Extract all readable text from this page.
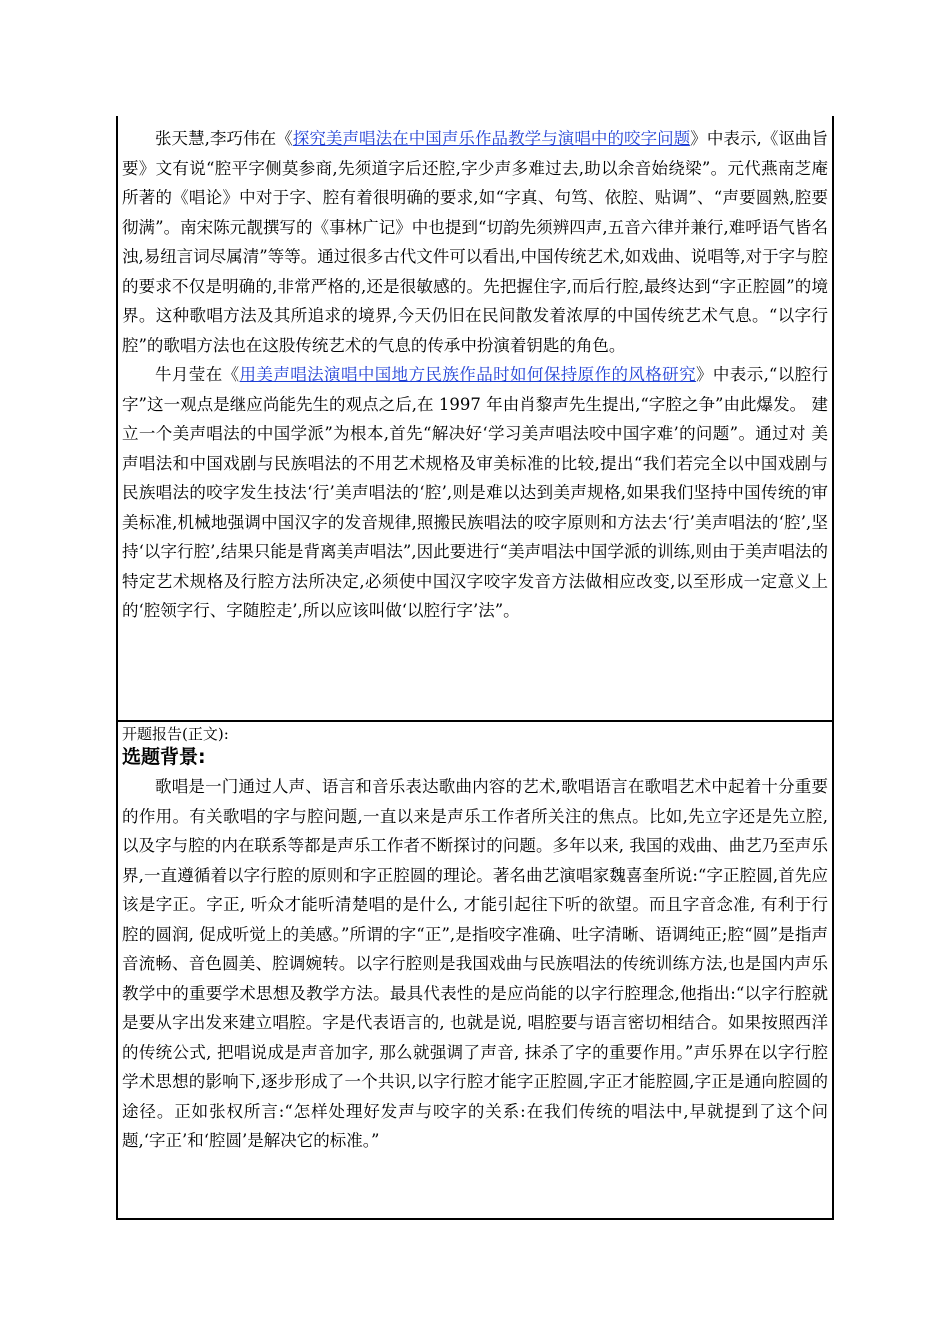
张天慧,李巧伟在《探究美声唱法在中国声乐作品教学与演唱中的咬字问题》中表示,《讴曲旨要》文有说“腔平字侧莫参商,先须道字后还腔,字少声多难过去,助以余音始绕梁”。元代燕南芝庵所著的《唱论》中对于字、腔有着很明确的要求,如“字真、句笃、依腔、贴调”、“声要圆熟,腔要彻满”。南宋陈元靓撰写的《事林广记》中也提到“切韵先须辨四声,五音六律并兼行,难呼语气皆名浊,易纽言词尽属清”等等。通过很多古代文件可以看出,中国传统艺术,如戏曲、说唱等,对于字与腔的要求不仅是明确的,非常严格的,还是很敏感的。先把握住字,而后行腔,最终达到“字正腔圆”的境界。这种歌唱方法及其所追求的境界,今天仍旧在民间散发着浓厚的中国传统艺术气息。“以字行腔”的歌唱方法也在这股传统艺术的气息的传承中扮演着钥匙的角色。

牛月莹在《用美声唱法演唱中国地方民族作品时如何保持原作的风格研究》中表示,“以腔行字”这一观点是继应尚能先生的观点之后,在 1997 年由肖黎声先生提出,“字腔之争”由此爆发。 建立一个美声唱法的中国学派”为根本,首先“解决好‘学习美声唱法咬中国字难’的问题”。通过对 美声唱法和中国戏剧与民族唱法的不用艺术规格及审美标准的比较,提出“我们若完全以中国戏剧与民族唱法的咬字发生技法‘行’美声唱法的‘腔’,则是难以达到美声规格,如果我们坚持中国传统的审美标准,机械地强调中国汉字的发音规律,照搬民族唱法的咬字原则和方法去‘行’美声唱法的‘腔’,坚持‘以字行腔’,结果只能是背离美声唱法”,因此要进行“美声唱法中国学派的训练,则由于美声唱法的特定艺术规格及行腔方法所决定,必须使中国汉字咬字发音方法做相应改变,以至形成一定意义上的‘腔领字行、字随腔走’,所以应该叫做‘以腔行字’法”。

开题报告(正文):

选题背景:

歌唱是一门通过人声、语言和音乐表达歌曲内容的艺术,歌唱语言在歌唱艺术中起着十分重要的作用。有关歌唱的字与腔问题,一直以来是声乐工作者所关注的焦点。比如,先立字还是先立腔,以及字与腔的内在联系等都是声乐工作者不断探讨的问题。多年以来, 我国的戏曲、曲艺乃至声乐界,一直遵循着以字行腔的原则和字正腔圆的理论。著名曲艺演唱家魏喜奎所说:“字正腔圆,首先应该是字正。字正, 听众才能听清楚唱的是什么, 才能引起往下听的欲望。而且字音念准, 有利于行腔的圆润, 促成听觉上的美感。”所谓的字“正”,是指咬字准确、吐字清晰、语调纯正;腔“圆”是指声音流畅、音色圆美、腔调婉转。以字行腔则是我国戏曲与民族唱法的传统训练方法,也是国内声乐教学中的重要学术思想及教学方法。最具代表性的是应尚能的以字行腔理念,他指出:“以字行腔就是要从字出发来建立唱腔。字是代表语言的, 也就是说, 唱腔要与语言密切相结合。如果按照西洋的传统公式, 把唱说成是声音加字, 那么就强调了声音, 抹杀了字的重要作用。”声乐界在以字行腔学术思想的影响下,逐步形成了一个共识,以字行腔才能字正腔圆,字正才能腔圆,字正是通向腔圆的途径。正如张权所言:“怎样处理好发声与咬字的关系:在我们传统的唱法中,早就提到了这个问题,‘字正’和‘腔圆’是解决它的标准。”
